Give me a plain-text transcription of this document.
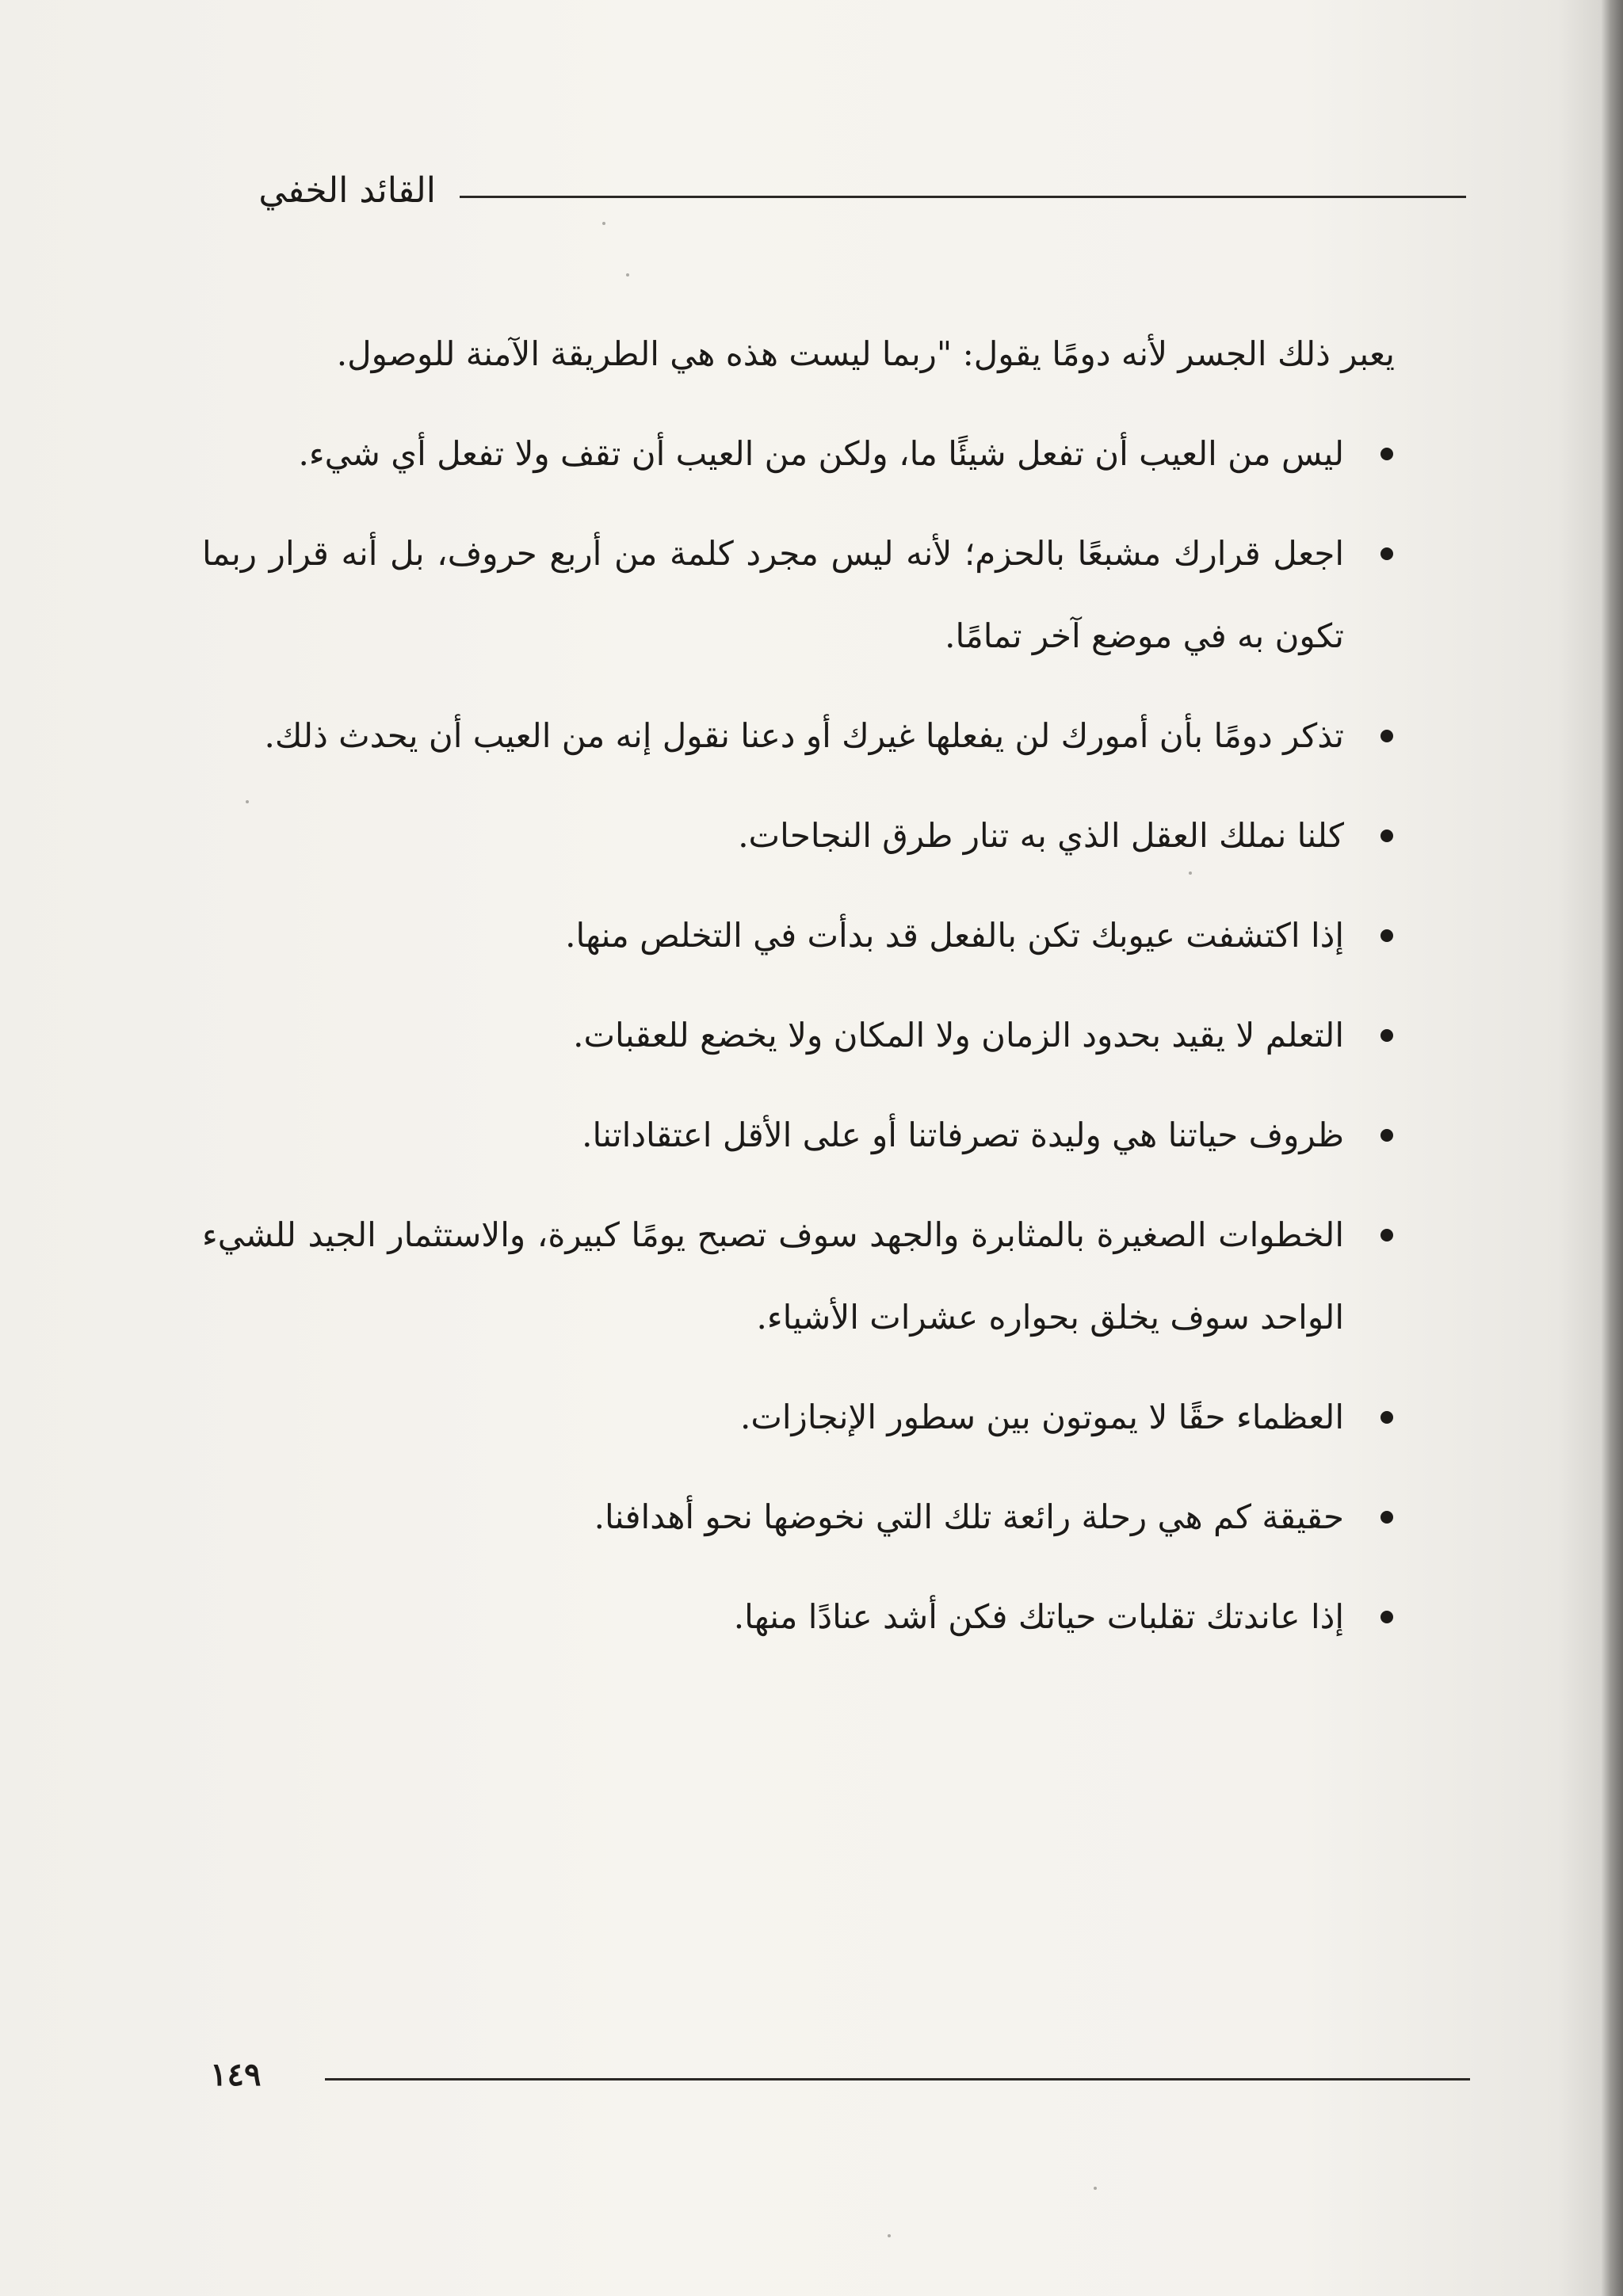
القائد الخفي

يعبر ذلك الجسر لأنه دومًا يقول: "ربما ليست هذه هي الطريقة الآمنة للوصول.

ليس من العيب أن تفعل شيئًا ما، ولكن من العيب أن تقف ولا تفعل أي شيء.
اجعل قرارك مشبعًا بالحزم؛ لأنه ليس مجرد كلمة من أربع حروف، بل أنه قرار ربما تكون به في موضع آخر تمامًا.
تذكر دومًا بأن أمورك لن يفعلها غيرك أو دعنا نقول إنه من العيب أن يحدث ذلك.
كلنا نملك العقل الذي به تنار طرق النجاحات.
إذا اكتشفت عيوبك تكن بالفعل قد بدأت في التخلص منها.
التعلم لا يقيد بحدود الزمان ولا المكان ولا يخضع للعقبات.
ظروف حياتنا هي وليدة تصرفاتنا أو على الأقل اعتقاداتنا.
الخطوات الصغيرة بالمثابرة والجهد سوف تصبح يومًا كبيرة، والاستثمار الجيد للشيء الواحد سوف يخلق بحواره عشرات الأشياء.
العظماء حقًا لا يموتون بين سطور الإنجازات.
حقيقة كم هي رحلة رائعة تلك التي نخوضها نحو أهدافنا.
إذا عاندتك تقلبات حياتك فكن أشد عنادًا منها.
١٤٩
